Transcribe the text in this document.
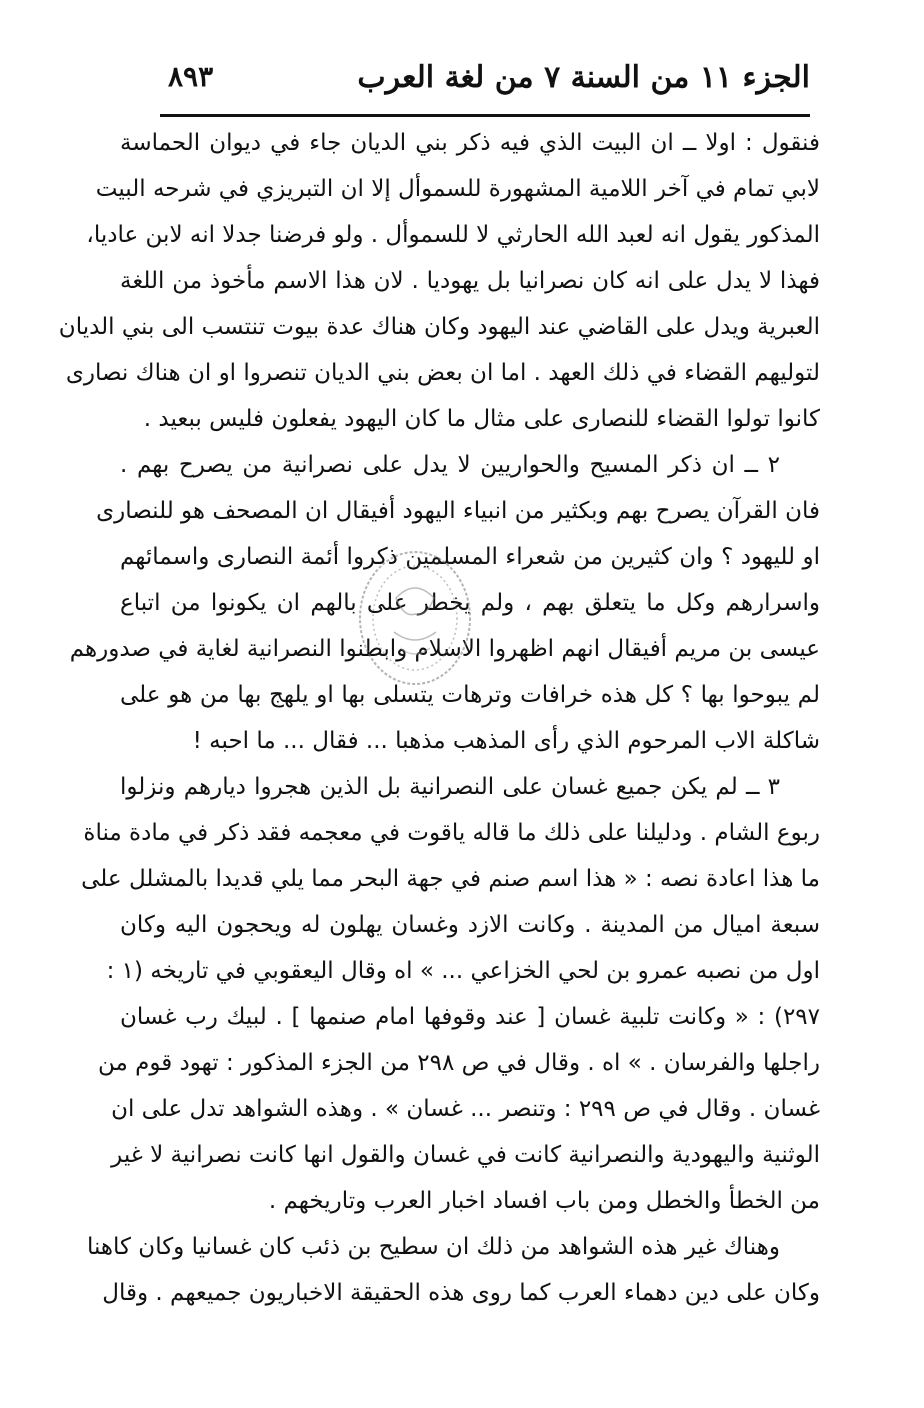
الجزء ١١ من السنة ٧ من لغة العرب
٨٩٣
فنقول : اولا ــ ان البيت الذي فيه ذكر بني الديان جاء في ديوان الحماسة
لابي تمام في آخر اللامية المشهورة للسموأل إلا ان التبريزي في شرحه البيت
المذكور يقول انه لعبد الله الحارثي لا للسموأل . ولو فرضنا جدلا انه لابن عاديا،
فهذا لا يدل على انه كان نصرانيا بل يهوديا . لان هذا الاسم مأخوذ من اللغة
العبرية ويدل على القاضي عند اليهود وكان هناك عدة بيوت تنتسب الى بني الديان
لتوليهم القضاء في ذلك العهد . اما ان بعض بني الديان تنصروا او ان هناك نصارى
كانوا تولوا القضاء للنصارى على مثال ما كان اليهود يفعلون فليس ببعيد .
٢ ــ ان ذكر المسيح والحواريين لا يدل على نصرانية من يصرح بهم .
فان القرآن يصرح بهم وبكثير من انبياء اليهود أفيقال ان المصحف هو للنصارى
او لليهود ؟ وان كثيرين من شعراء المسلمين ذكروا أئمة النصارى واسمائهم
واسرارهم وكل ما يتعلق بهم ، ولم يخطر على بالهم ان يكونوا من اتباع
عيسى بن مريم أفيقال انهم اظهروا الاسلام وابطنوا النصرانية لغاية في صدورهم
لم يبوحوا بها ؟ كل هذه خرافات وترهات يتسلى بها او يلهج بها من هو على
شاكلة الاب المرحوم الذي رأى المذهب مذهبا ... فقال ... ما احبه !
٣ ــ لم يكن جميع غسان على النصرانية بل الذين هجروا ديارهم ونزلوا
ربوع الشام . ودليلنا على ذلك ما قاله ياقوت في معجمه فقد ذكر في مادة مناة
ما هذا اعادة نصه : « هذا اسم صنم في جهة البحر مما يلي قديدا بالمشلل على
سبعة اميال من المدينة . وكانت الازد وغسان يهلون له ويحجون اليه وكان
اول من نصبه عمرو بن لحي الخزاعي ... » اه وقال اليعقوبي في تاريخه (١ :
٢٩٧) : « وكانت تلبية غسان [ عند وقوفها امام صنمها ] . لبيك رب غسان
راجلها والفرسان . » اه . وقال في ص ٢٩٨ من الجزء المذكور : تهود قوم من
غسان . وقال في ص ٢٩٩ : وتنصر ... غسان » . وهذه الشواهد تدل على ان
الوثنية واليهودية والنصرانية كانت في غسان والقول انها كانت نصرانية لا غير
من الخطأ والخطل ومن باب افساد اخبار العرب وتاريخهم .
وهناك غير هذه الشواهد من ذلك ان سطيح بن ذئب كان غسانيا وكان كاهنا
وكان على دين دهماء العرب كما روى هذه الحقيقة الاخباريون جميعهم . وقال
